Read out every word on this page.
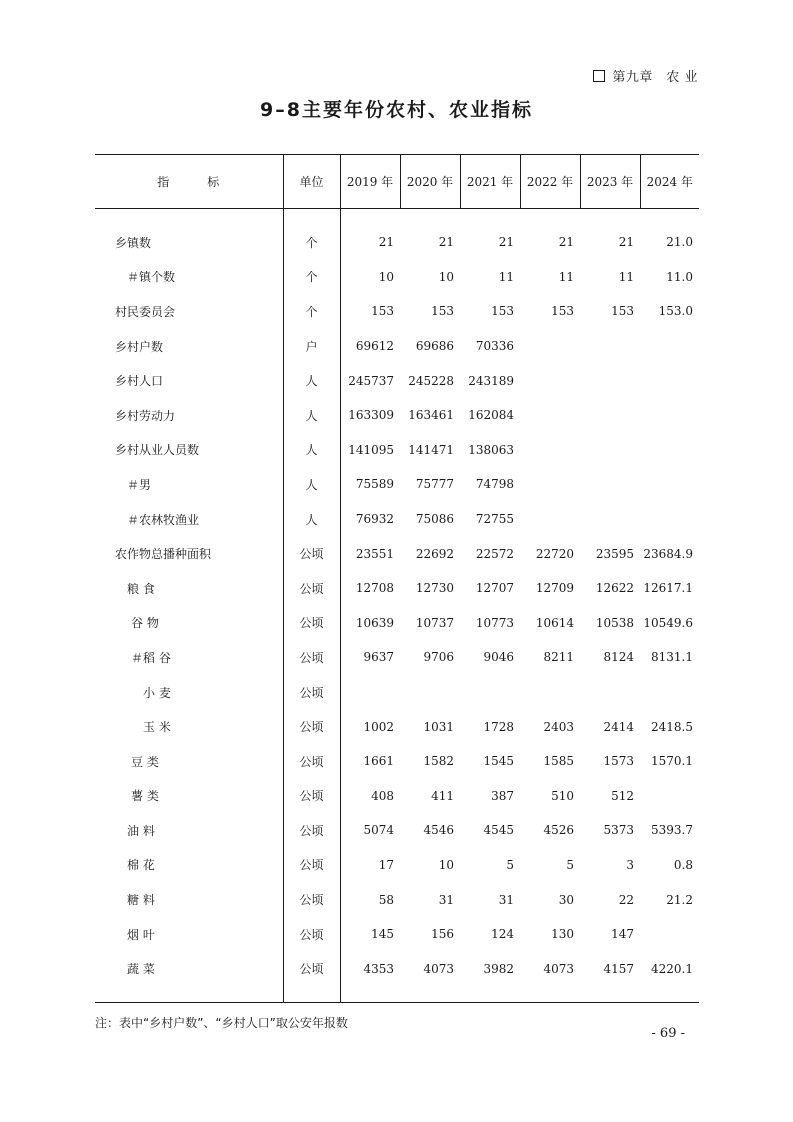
第九章　农 业
9–8主要年份农村、农业指标
指标	单位	2019 年	2020 年	2021 年	2022 年	2023 年	2024 年

乡镇数	个	21	21	21	21	21	21.0
＃镇个数	个	10	10	11	11	11	11.0
村民委员会	个	153	153	153	153	153	153.0
乡村户数	户	69612	69686	70336			
乡村人口	人	245737	245228	243189			
乡村劳动力	人	163309	163461	162084			
乡村从业人员数	人	141095	141471	138063			
＃男	人	75589	75777	74798			
＃农林牧渔业	人	76932	75086	72755			
农作物总播种面积	公顷	23551	22692	22572	22720	23595	23684.9
粮 食	公顷	12708	12730	12707	12709	12622	12617.1
谷 物	公顷	10639	10737	10773	10614	10538	10549.6
＃稻 谷	公顷	9637	9706	9046	8211	8124	8131.1
小 麦	公顷						
玉 米	公顷	1002	1031	1728	2403	2414	2418.5
豆 类	公顷	1661	1582	1545	1585	1573	1570.1
薯 类	公顷	408	411	387	510	512	
油 料	公顷	5074	4546	4545	4526	5373	5393.7
棉 花	公顷	17	10	5	5	3	0.8
糖 料	公顷	58	31	31	30	22	21.2
烟 叶	公顷	145	156	124	130	147	
蔬 菜	公顷	4353	4073	3982	4073	4157	4220.1

注：表中“乡村户数”、“乡村人口”取公安年报数
- 69 -
